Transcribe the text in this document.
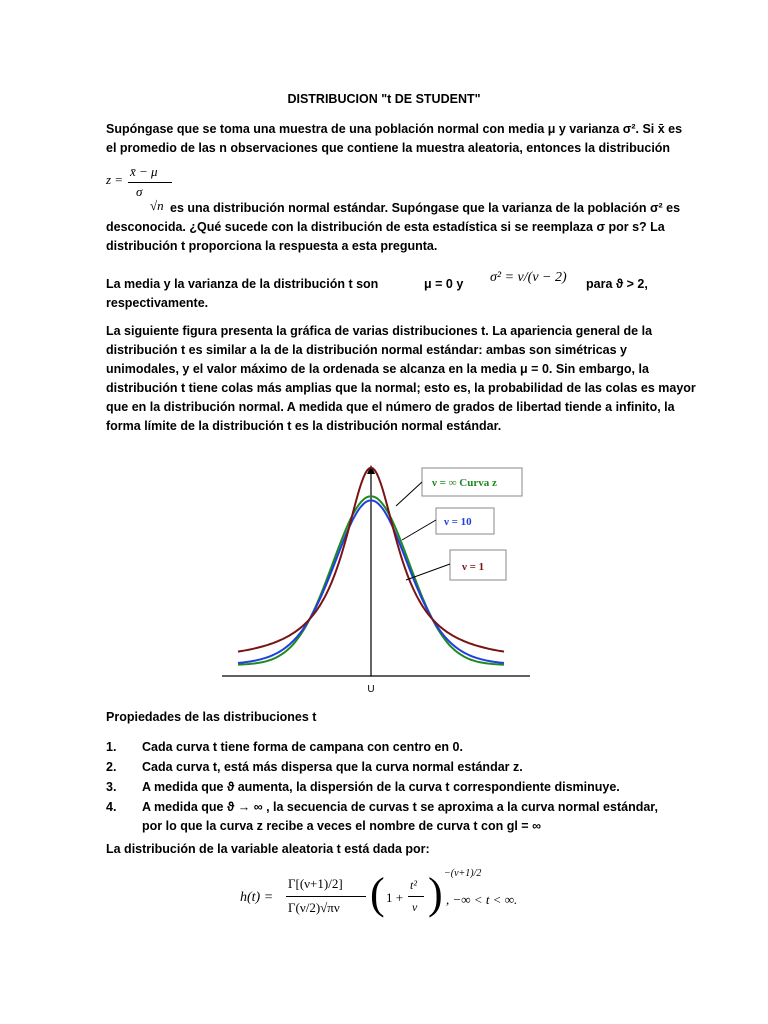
DISTRIBUCION "t DE STUDENT"
Supóngase que se toma una muestra de una población normal con media μ y varianza σ². Si x̄ es
el promedio de las n observaciones que contiene la muestra aleatoria, entonces la distribución
z =
x̄ − μ
σ
√n es una distribución normal estándar. Supóngase que la varianza de la población σ² es
desconocida. ¿Qué sucede con la distribución de esta estadística si se reemplaza σ por s? La
distribución t proporciona la respuesta a esta pregunta.
La media y la varianza de la distribución t son	μ = 0 y	σ² = ν/(ν − 2) para ϑ > 2,
respectivamente.
La siguiente figura presenta la gráfica de varias distribuciones t. La apariencia general de la
distribución t es similar a la de la distribución normal estándar: ambas son simétricas y
unimodales, y el valor máximo de la ordenada se alcanza en la media μ = 0. Sin embargo, la
distribución t tiene colas más amplias que la normal; esto es, la probabilidad de las colas es mayor
que en la distribución normal. A medida que el número de grados de libertad tiende a infinito, la
forma límite de la distribución t es la distribución normal estándar.
U
ν = ∞ Curva z
ν = 10
ν = 1
Propiedades de las distribuciones t
1. Cada curva t tiene forma de campana con centro en 0.
2. Cada curva t, está más dispersa que la curva normal estándar z.
3. A medida que ϑ aumenta, la dispersión de la curva t correspondiente disminuye.
4. A medida que ϑ → ∞ , la secuencia de curvas t se aproxima a la curva normal estándar, por lo que la curva z recibe a veces el nombre de curva t con gl = ∞
La distribución de la variable aleatoria t está dada por:
h(t) =
Γ[(ν+1)/2]
Γ(ν/2)√πν ( 1 +
t²
ν ) −(ν+1)/2
, −∞ < t < ∞.
